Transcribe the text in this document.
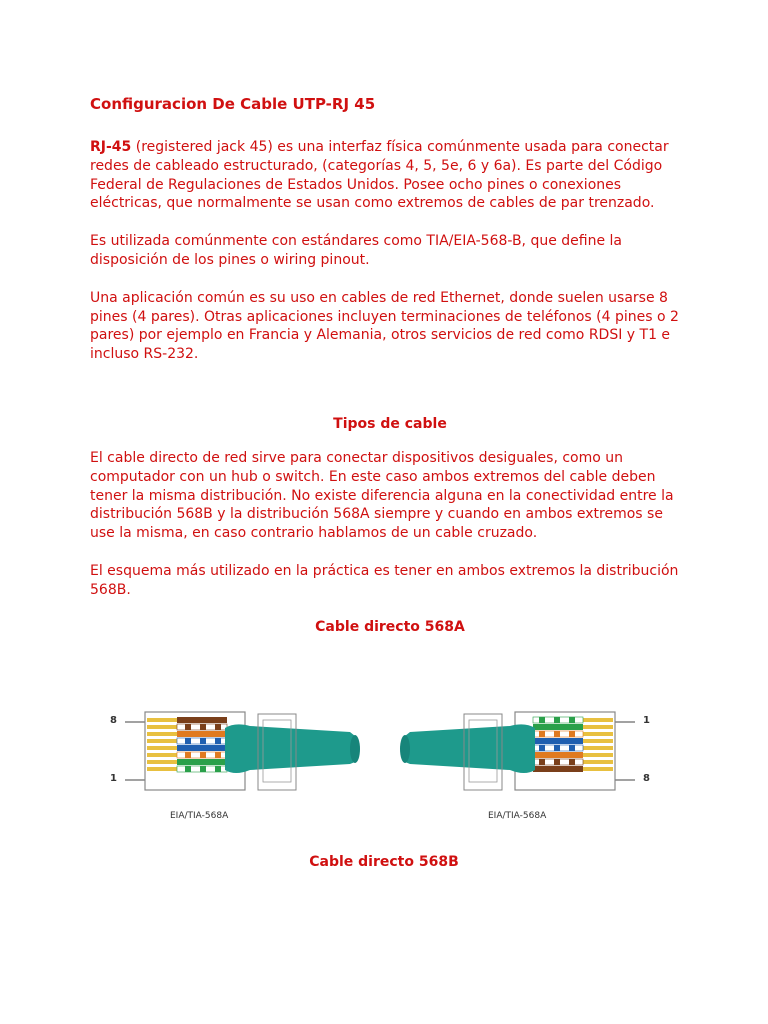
Configuracion De Cable UTP-RJ 45

RJ-45 (registered jack 45) es una interfaz física comúnmente usada para conectar redes de cableado estructurado, (categorías 4, 5, 5e, 6 y 6a). Es parte del Código Federal de Regulaciones de Estados Unidos. Posee ocho pines o conexiones eléctricas, que normalmente se usan como extremos de cables de par trenzado.

Es utilizada comúnmente con estándares como TIA/EIA-568-B, que define la disposición de los pines o wiring pinout.

Una aplicación común es su uso en cables de red Ethernet, donde suelen usarse 8 pines (4 pares). Otras aplicaciones incluyen terminaciones de teléfonos (4 pines o 2 pares) por ejemplo en Francia y Alemania, otros servicios de red como RDSI y T1 e incluso RS-232.

Tipos de cable

El cable directo de red sirve para conectar dispositivos desiguales, como un computador con un hub o switch. En este caso ambos extremos del cable deben tener la misma distribución. No existe diferencia alguna en la conectividad entre la distribución 568B y la distribución 568A siempre y cuando en ambos extremos se use la misma, en caso contrario hablamos de un cable cruzado.

El esquema más utilizado en la práctica es tener en ambos extremos la distribución 568B.

Cable directo 568A
8
1
1
8
EIA/TIA-568A	EIA/TIA-568A
Cable directo 568B
